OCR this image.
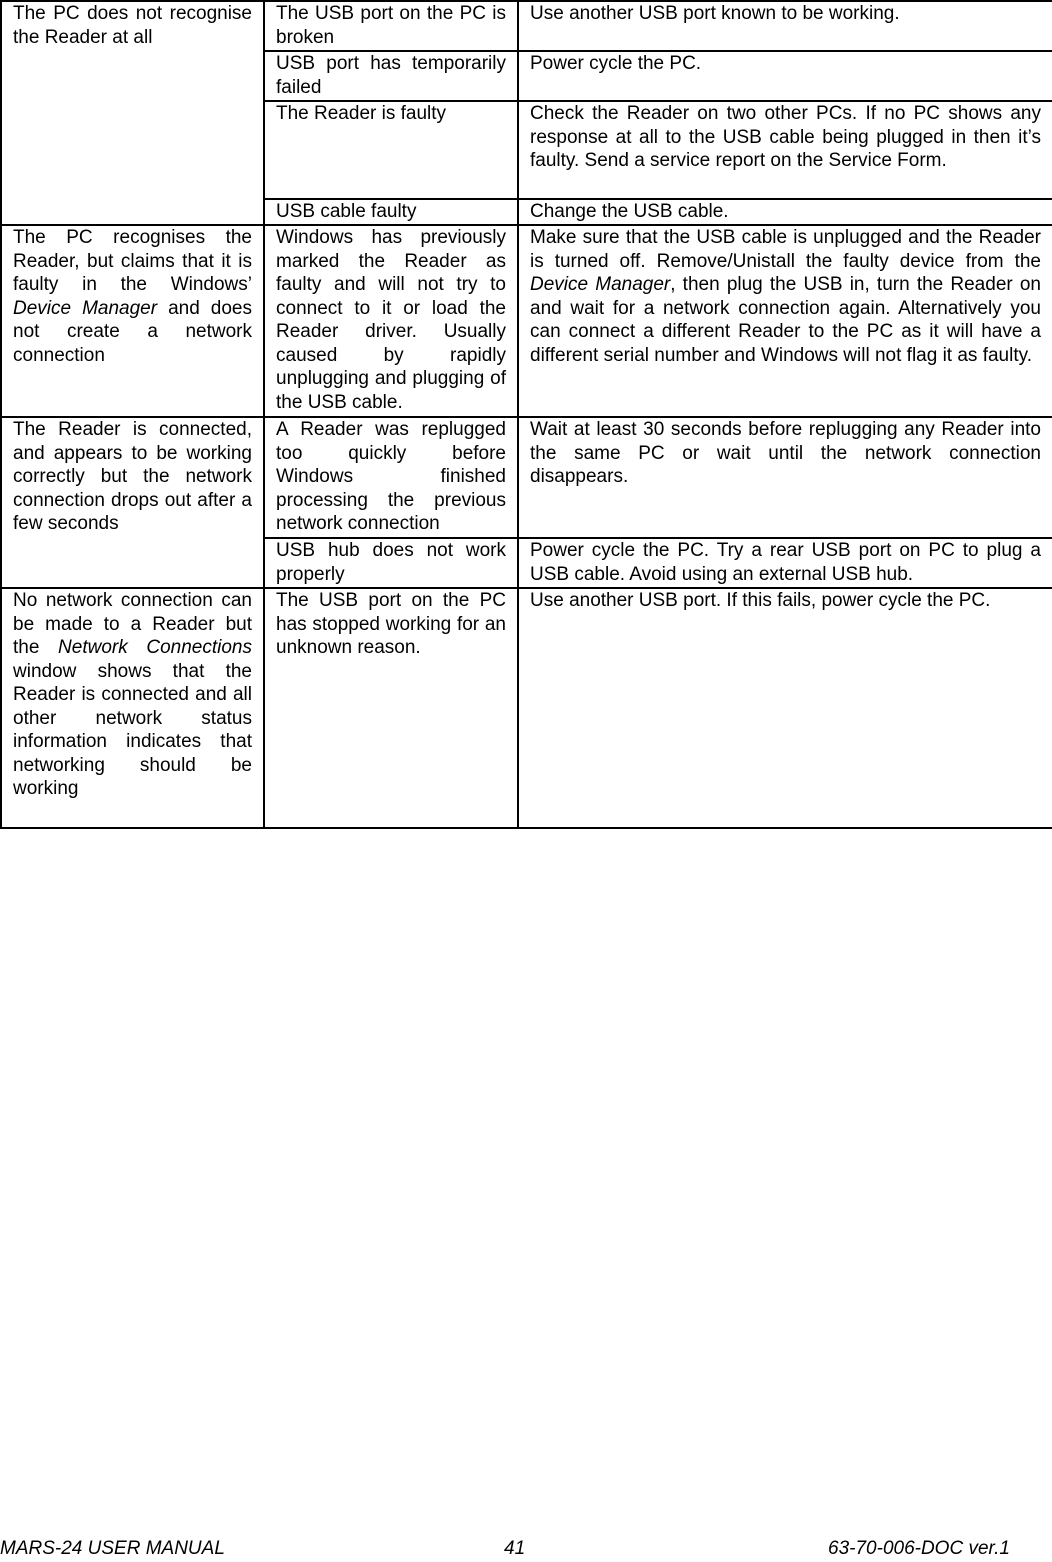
The PC does not recognise the Reader at all	The USB port on the PC is broken	Use another USB port known to be working.
	USB port has temporarily failed	Power cycle the PC.
	The Reader is faulty	Check the Reader on two other PCs. If no PC shows any response at all to the USB cable being plugged in then it’s faulty. Send a service report on the Service Form.
	USB cable faulty	Change the USB cable.
The PC recognises the Reader, but claims that it is faulty in the Windows’ Device Manager and does not create a network connection	Windows has previously marked the Reader as faulty and will not try to connect to it or load the Reader driver. Usually caused by rapidly unplugging and plugging of the USB cable.	Make sure that the USB cable is unplugged and the Reader is turned off. Remove/Unistall the faulty device from the Device Manager, then plug the USB in, turn the Reader on and wait for a network connection again. Alternatively you can connect a different Reader to the PC as it will have a different serial number and Windows will not flag it as faulty.
The Reader is connected, and appears to be working correctly but the network connection drops out after a few seconds	A Reader was replugged too quickly before Windows finished processing the previous network connection	Wait at least 30 seconds before replugging any Reader into the same PC or wait until the network connection disappears.
	USB hub does not work properly	Power cycle the PC. Try a rear USB port on PC to plug a USB cable. Avoid using an external USB hub.
No network connection can be made to a Reader but the Network Connections window shows that the Reader is connected and all other network status information indicates that networking should be working	The USB port on the PC has stopped working for an unknown reason.	Use another USB port. If this fails, power cycle the PC.
MARS-24 USER MANUAL	41	63-70-006-DOC ver.1
